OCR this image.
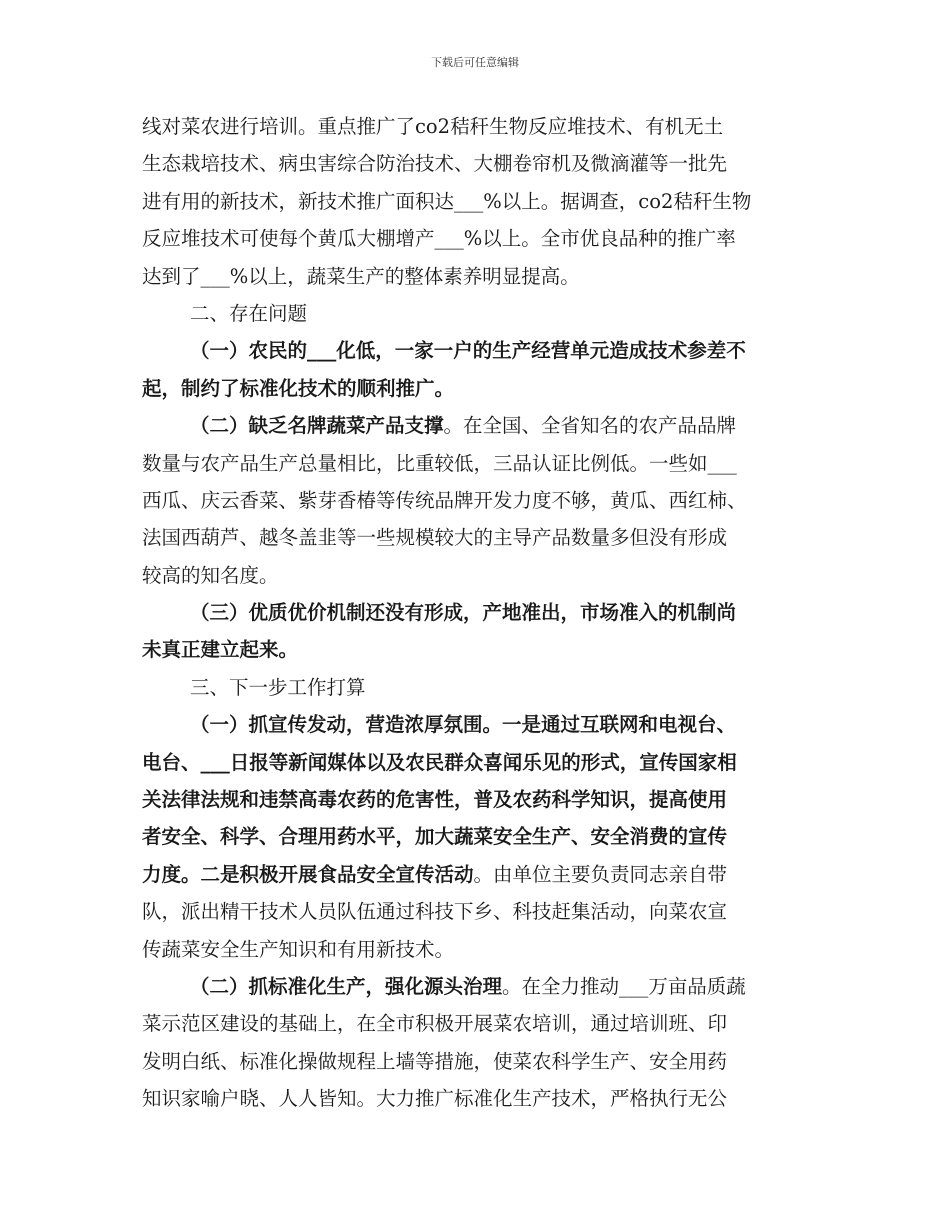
下载后可任意编辑
线对菜农进行培训。重点推广了co2秸秆生物反应堆技术、有机无土
生态栽培技术、病虫害综合防治技术、大棚卷帘机及微滴灌等一批先
进有用的新技术，新技术推广面积达___%以上。据调查，co2秸秆生物
反应堆技术可使每个黄瓜大棚增产___%以上。全市优良品种的推广率
达到了___%以上，蔬菜生产的整体素养明显提高。
二、存在问题
（一）农民的___化低，一家一户的生产经营单元造成技术参差不
起，制约了标准化技术的顺利推广。
（二）缺乏名牌蔬菜产品支撑。在全国、全省知名的农产品品牌
数量与农产品生产总量相比，比重较低，三品认证比例低。一些如___
西瓜、庆云香菜、紫芽香椿等传统品牌开发力度不够，黄瓜、西红柿、
法国西葫芦、越冬盖韭等一些规模较大的主导产品数量多但没有形成
较高的知名度。
（三）优质优价机制还没有形成，产地准出，市场准入的机制尚
未真正建立起来。
三、下一步工作打算
（一）抓宣传发动，营造浓厚氛围。一是通过互联网和电视台、
电台、___日报等新闻媒体以及农民群众喜闻乐见的形式，宣传国家相
关法律法规和违禁高毒农药的危害性，普及农药科学知识，提高使用
者安全、科学、合理用药水平，加大蔬菜安全生产、安全消费的宣传
力度。二是积极开展食品安全宣传活动。由单位主要负责同志亲自带
队，派出精干技术人员队伍通过科技下乡、科技赶集活动，向菜农宣
传蔬菜安全生产知识和有用新技术。
（二）抓标准化生产，强化源头治理。在全力推动___万亩品质蔬
菜示范区建设的基础上，在全市积极开展菜农培训，通过培训班、印
发明白纸、标准化操做规程上墙等措施，使菜农科学生产、安全用药
知识家喻户晓、人人皆知。大力推广标准化生产技术，严格执行无公
